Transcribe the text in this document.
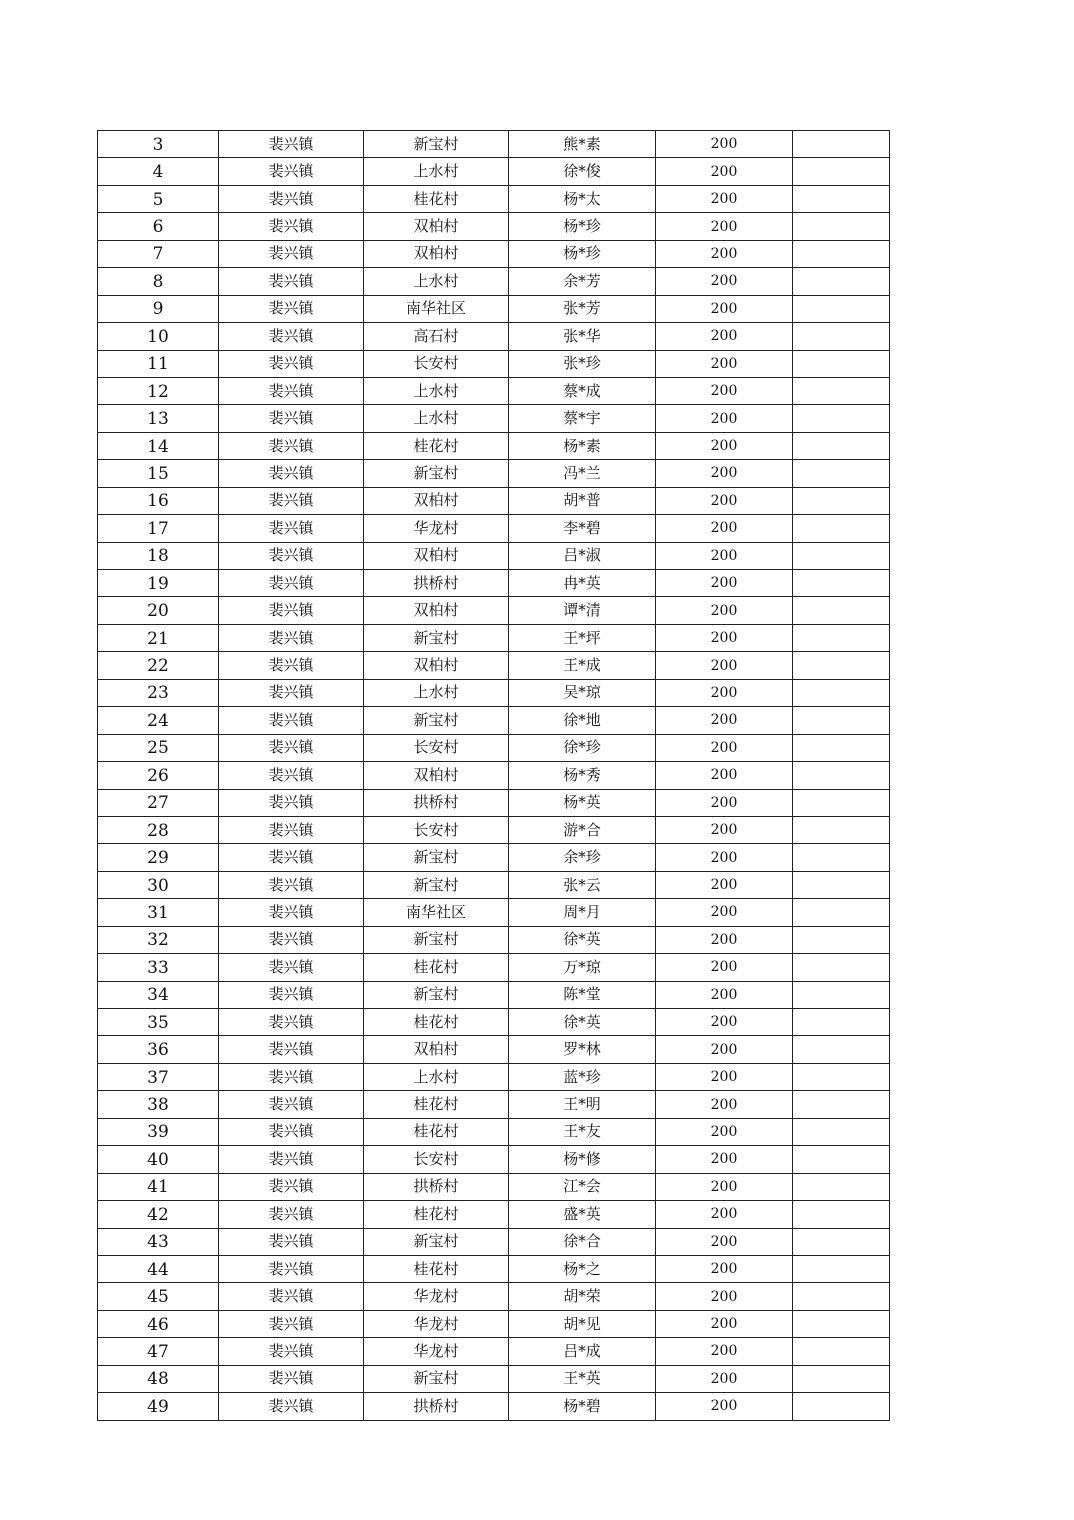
3	裴兴镇	新宝村	熊*素	200	
4	裴兴镇	上水村	徐*俊	200	
5	裴兴镇	桂花村	杨*太	200	
6	裴兴镇	双柏村	杨*珍	200	
7	裴兴镇	双柏村	杨*珍	200	
8	裴兴镇	上水村	余*芳	200	
9	裴兴镇	南华社区	张*芳	200	
10	裴兴镇	高石村	张*华	200	
11	裴兴镇	长安村	张*珍	200	
12	裴兴镇	上水村	蔡*成	200	
13	裴兴镇	上水村	蔡*宇	200	
14	裴兴镇	桂花村	杨*素	200	
15	裴兴镇	新宝村	冯*兰	200	
16	裴兴镇	双柏村	胡*普	200	
17	裴兴镇	华龙村	李*碧	200	
18	裴兴镇	双柏村	吕*淑	200	
19	裴兴镇	拱桥村	冉*英	200	
20	裴兴镇	双柏村	谭*清	200	
21	裴兴镇	新宝村	王*坪	200	
22	裴兴镇	双柏村	王*成	200	
23	裴兴镇	上水村	吴*琼	200	
24	裴兴镇	新宝村	徐*地	200	
25	裴兴镇	长安村	徐*珍	200	
26	裴兴镇	双柏村	杨*秀	200	
27	裴兴镇	拱桥村	杨*英	200	
28	裴兴镇	长安村	游*合	200	
29	裴兴镇	新宝村	余*珍	200	
30	裴兴镇	新宝村	张*云	200	
31	裴兴镇	南华社区	周*月	200	
32	裴兴镇	新宝村	徐*英	200	
33	裴兴镇	桂花村	万*琼	200	
34	裴兴镇	新宝村	陈*堂	200	
35	裴兴镇	桂花村	徐*英	200	
36	裴兴镇	双柏村	罗*林	200	
37	裴兴镇	上水村	蓝*珍	200	
38	裴兴镇	桂花村	王*明	200	
39	裴兴镇	桂花村	王*友	200	
40	裴兴镇	长安村	杨*修	200	
41	裴兴镇	拱桥村	江*会	200	
42	裴兴镇	桂花村	盛*英	200	
43	裴兴镇	新宝村	徐*合	200	
44	裴兴镇	桂花村	杨*之	200	
45	裴兴镇	华龙村	胡*荣	200	
46	裴兴镇	华龙村	胡*见	200	
47	裴兴镇	华龙村	吕*成	200	
48	裴兴镇	新宝村	王*英	200	
49	裴兴镇	拱桥村	杨*碧	200	
